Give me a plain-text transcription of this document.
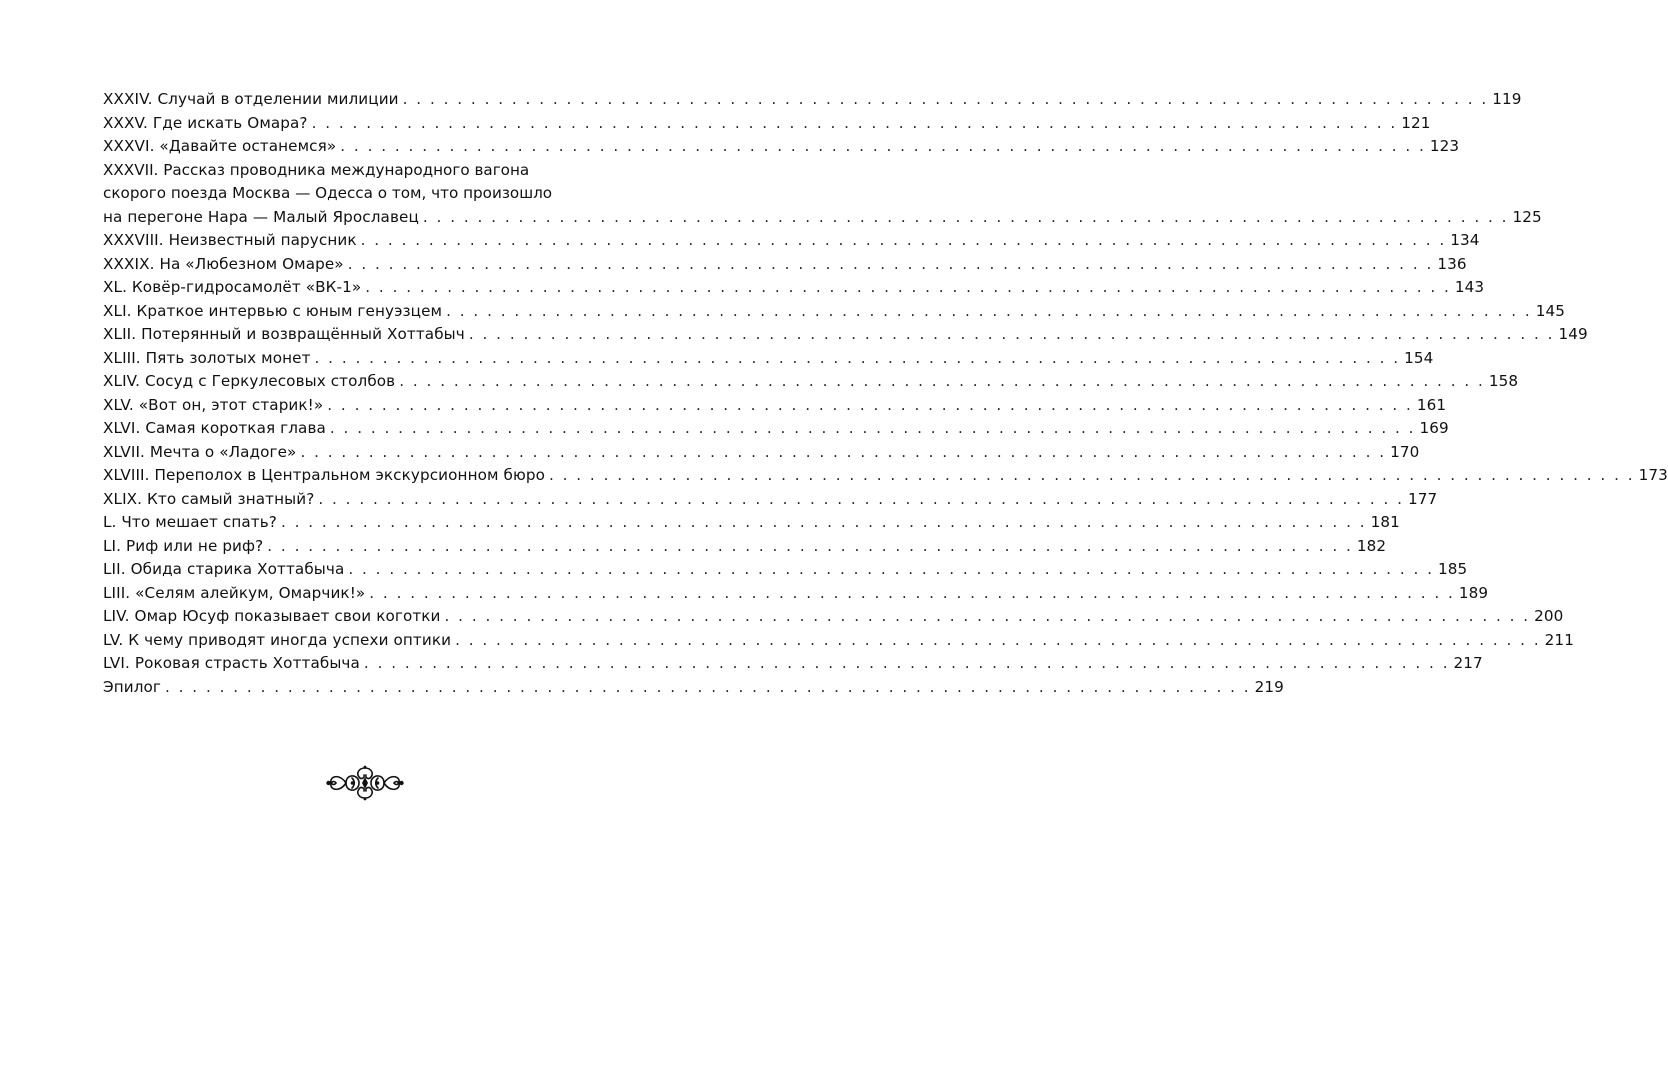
XXXIV. Случай в отделении милиции . . . . . . . . . . . . . . . . . . . . . . . . . . . . . . . . . . . . . . . . . . . . . . . . . . . . . . . . . . . . . . . . . . . . . . . . . . . . . . . . 119
XXXV. Где искать Омара? . . . . . . . . . . . . . . . . . . . . . . . . . . . . . . . . . . . . . . . . . . . . . . . . . . . . . . . . . . . . . . . . . . . . . . . . . . . . . . . . 121
XXXVI. «Давайте останемся» . . . . . . . . . . . . . . . . . . . . . . . . . . . . . . . . . . . . . . . . . . . . . . . . . . . . . . . . . . . . . . . . . . . . . . . . . . . . . . . . 123
XXXVII. Рассказ проводника международного вагона
скорого поезда Москва — Одесса о том, что произошло
на перегоне Нара — Малый Ярославец . . . . . . . . . . . . . . . . . . . . . . . . . . . . . . . . . . . . . . . . . . . . . . . . . . . . . . . . . . . . . . . . . . . . . . . . . . . . . . . . 125
XXXVIII. Неизвестный парусник . . . . . . . . . . . . . . . . . . . . . . . . . . . . . . . . . . . . . . . . . . . . . . . . . . . . . . . . . . . . . . . . . . . . . . . . . . . . . . . . 134
XXXIX. На «Любезном Омаре» . . . . . . . . . . . . . . . . . . . . . . . . . . . . . . . . . . . . . . . . . . . . . . . . . . . . . . . . . . . . . . . . . . . . . . . . . . . . . . . . 136
XL. Ковёр-гидросамолёт «ВК-1» . . . . . . . . . . . . . . . . . . . . . . . . . . . . . . . . . . . . . . . . . . . . . . . . . . . . . . . . . . . . . . . . . . . . . . . . . . . . . . . . 143
XLI. Краткое интервью с юным генуэзцем . . . . . . . . . . . . . . . . . . . . . . . . . . . . . . . . . . . . . . . . . . . . . . . . . . . . . . . . . . . . . . . . . . . . . . . . . . . . . . . . 145
XLII. Потерянный и возвращённый Хоттабыч . . . . . . . . . . . . . . . . . . . . . . . . . . . . . . . . . . . . . . . . . . . . . . . . . . . . . . . . . . . . . . . . . . . . . . . . . . . . . . . . 149
XLIII. Пять золотых монет . . . . . . . . . . . . . . . . . . . . . . . . . . . . . . . . . . . . . . . . . . . . . . . . . . . . . . . . . . . . . . . . . . . . . . . . . . . . . . . . 154
XLIV. Сосуд с Геркулесовых столбов . . . . . . . . . . . . . . . . . . . . . . . . . . . . . . . . . . . . . . . . . . . . . . . . . . . . . . . . . . . . . . . . . . . . . . . . . . . . . . . . 158
XLV. «Вот он, этот старик!» . . . . . . . . . . . . . . . . . . . . . . . . . . . . . . . . . . . . . . . . . . . . . . . . . . . . . . . . . . . . . . . . . . . . . . . . . . . . . . . . 161
XLVI. Самая короткая глава . . . . . . . . . . . . . . . . . . . . . . . . . . . . . . . . . . . . . . . . . . . . . . . . . . . . . . . . . . . . . . . . . . . . . . . . . . . . . . . . 169
XLVII. Мечта о «Ладоге» . . . . . . . . . . . . . . . . . . . . . . . . . . . . . . . . . . . . . . . . . . . . . . . . . . . . . . . . . . . . . . . . . . . . . . . . . . . . . . . . 170
XLVIII. Переполох в Центральном экскурсионном бюро . . . . . . . . . . . . . . . . . . . . . . . . . . . . . . . . . . . . . . . . . . . . . . . . . . . . . . . . . . . . . . . . . . . . . . . . . . . . . . . . 173
XLIX. Кто самый знатный? . . . . . . . . . . . . . . . . . . . . . . . . . . . . . . . . . . . . . . . . . . . . . . . . . . . . . . . . . . . . . . . . . . . . . . . . . . . . . . . . 177
L. Что мешает спать? . . . . . . . . . . . . . . . . . . . . . . . . . . . . . . . . . . . . . . . . . . . . . . . . . . . . . . . . . . . . . . . . . . . . . . . . . . . . . . . . 181
LI. Риф или не риф? . . . . . . . . . . . . . . . . . . . . . . . . . . . . . . . . . . . . . . . . . . . . . . . . . . . . . . . . . . . . . . . . . . . . . . . . . . . . . . . . 182
LII. Обида старика Хоттабыча . . . . . . . . . . . . . . . . . . . . . . . . . . . . . . . . . . . . . . . . . . . . . . . . . . . . . . . . . . . . . . . . . . . . . . . . . . . . . . . . 185
LIII. «Селям алейкум, Омарчик!» . . . . . . . . . . . . . . . . . . . . . . . . . . . . . . . . . . . . . . . . . . . . . . . . . . . . . . . . . . . . . . . . . . . . . . . . . . . . . . . . 189
LIV. Омар Юсуф показывает свои коготки . . . . . . . . . . . . . . . . . . . . . . . . . . . . . . . . . . . . . . . . . . . . . . . . . . . . . . . . . . . . . . . . . . . . . . . . . . . . . . . . 200
LV. К чему приводят иногда успехи оптики . . . . . . . . . . . . . . . . . . . . . . . . . . . . . . . . . . . . . . . . . . . . . . . . . . . . . . . . . . . . . . . . . . . . . . . . . . . . . . . . 211
LVI. Роковая страсть Хоттабыча . . . . . . . . . . . . . . . . . . . . . . . . . . . . . . . . . . . . . . . . . . . . . . . . . . . . . . . . . . . . . . . . . . . . . . . . . . . . . . . . 217
Эпилог . . . . . . . . . . . . . . . . . . . . . . . . . . . . . . . . . . . . . . . . . . . . . . . . . . . . . . . . . . . . . . . . . . . . . . . . . . . . . . . . 219
